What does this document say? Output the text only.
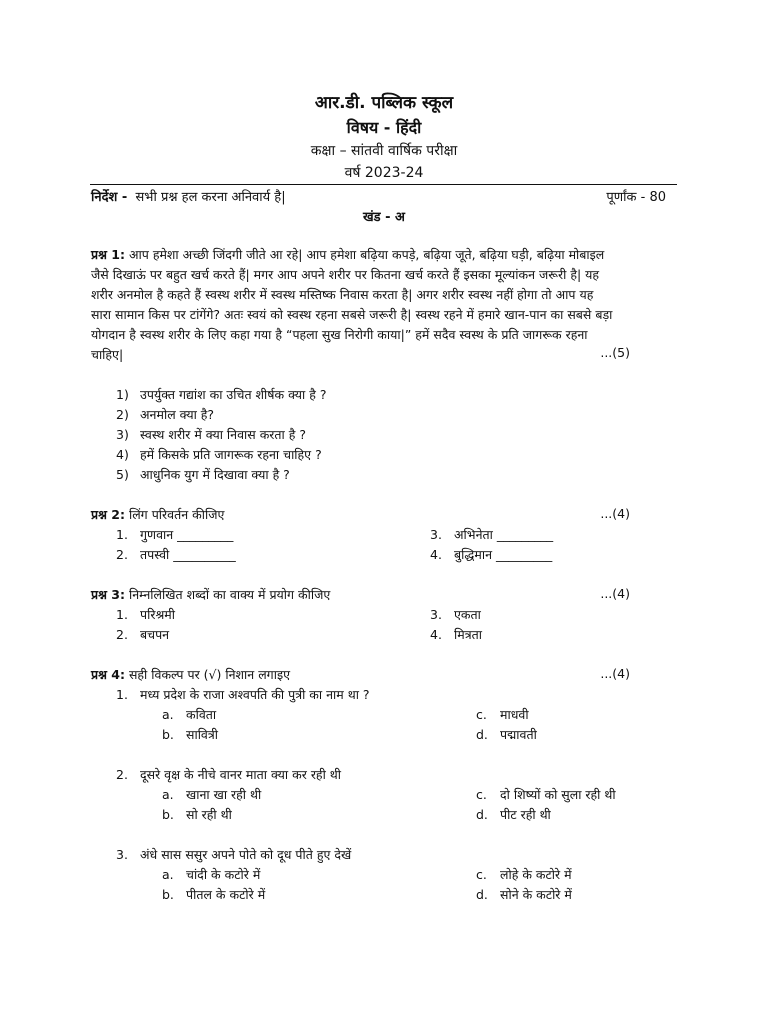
आर.डी. पब्लिक स्कूल
विषय - हिंदी
कक्षा – सांतवी वार्षिक परीक्षा
वर्ष 2023-24
निर्देश - सभी प्रश्न हल करना अनिवार्य है|	पूर्णांक - 80
खंड - अ
प्रश्न 1: आप हमेशा अच्छी जिंदगी जीते आ रहे| आप हमेशा बढ़िया कपड़े, बढ़िया जूते, बढ़िया घड़ी, बढ़िया मोबाइल
जैसे दिखाऊं पर बहुत खर्च करते हैं| मगर आप अपने शरीर पर कितना खर्च करते हैं इसका मूल्यांकन जरूरी है| यह
शरीर अनमोल है कहते हैं स्वस्थ शरीर में स्वस्थ मस्तिष्क निवास करता है| अगर शरीर स्वस्थ नहीं होगा तो आप यह
सारा सामान किस पर टांगेंगे? अतः स्वयं को स्वस्थ रहना सबसे जरूरी है| स्वस्थ रहने में हमारे खान-पान का सबसे बड़ा
योगदान है स्वस्थ शरीर के लिए कहा गया है “पहला सुख निरोगी काया|” हमें सदैव स्वस्थ के प्रति जागरूक रहना
चाहिए|	...(5)
1) उपर्युक्त गद्यांश का उचित शीर्षक क्या है ?
2) अनमोल क्या है?
3) स्वस्थ शरीर में क्या निवास करता है ?
4) हमें किसके प्रति जागरूक रहना चाहिए ?
5) आधुनिक युग में दिखावा क्या है ?
प्रश्न 2: लिंग परिवर्तन कीजिए	...(4)
1. गुणवान _________
2. तपस्वी __________
3. अभिनेता _________
4. बुद्धिमान _________
प्रश्न 3: निम्नलिखित शब्दों का वाक्य में प्रयोग कीजिए	...(4)
1. परिश्रमी
2. बचपन
3. एकता
4. मित्रता
प्रश्न 4: सही विकल्प पर (√) निशान लगाइए	...(4)
1. मध्य प्रदेश के राजा अश्वपति की पुत्री का नाम था ?
a. कविता
b. सावित्री
c. माधवी
d. पद्मावती
2. दूसरे वृक्ष के नीचे वानर माता क्या कर रही थी
a. खाना खा रही थी
b. सो रही थी
c. दो शिष्यों को सुला रही थी
d. पीट रही थी
3. अंधे सास ससुर अपने पोते को दूध पीते हुए देखें
a. चांदी के कटोरे में
b. पीतल के कटोरे में
c. लोहे के कटोरे में
d. सोने के कटोरे में
